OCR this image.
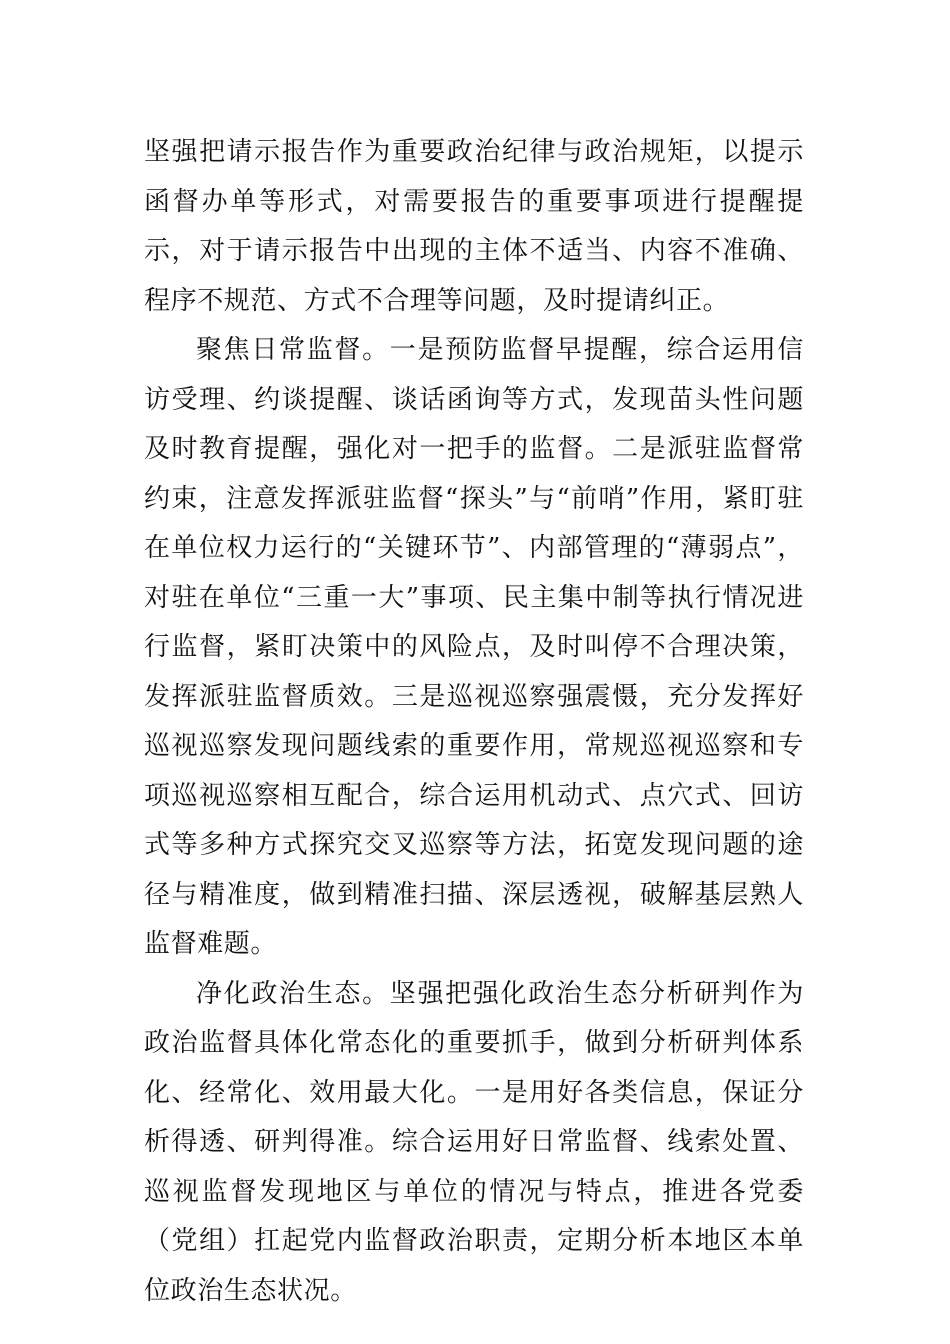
坚强把请示报告作为重要政治纪律与政治规矩，以提示函督办单等形式，对需要报告的重要事项进行提醒提示，对于请示报告中出现的主体不适当、内容不准确、程序不规范、方式不合理等问题，及时提请纠正。

聚焦日常监督。一是预防监督早提醒，综合运用信访受理、约谈提醒、谈话函询等方式，发现苗头性问题及时教育提醒，强化对一把手的监督。二是派驻监督常约束，注意发挥派驻监督“探头”与“前哨”作用，紧盯驻在单位权力运行的“关键环节”、内部管理的“薄弱点”，对驻在单位“三重一大”事项、民主集中制等执行情况进行监督，紧盯决策中的风险点，及时叫停不合理决策，发挥派驻监督质效。三是巡视巡察强震慑，充分发挥好巡视巡察发现问题线索的重要作用，常规巡视巡察和专项巡视巡察相互配合，综合运用机动式、点穴式、回访式等多种方式探究交叉巡察等方法，拓宽发现问题的途径与精准度，做到精准扫描、深层透视，破解基层熟人监督难题。

净化政治生态。坚强把强化政治生态分析研判作为政治监督具体化常态化的重要抓手，做到分析研判体系化、经常化、效用最大化。一是用好各类信息，保证分析得透、研判得准。综合运用好日常监督、线索处置、巡视监督发现地区与单位的情况与特点，推进各党委（党组）扛起党内监督政治职责，定期分析本地区本单位政治生态状况。
